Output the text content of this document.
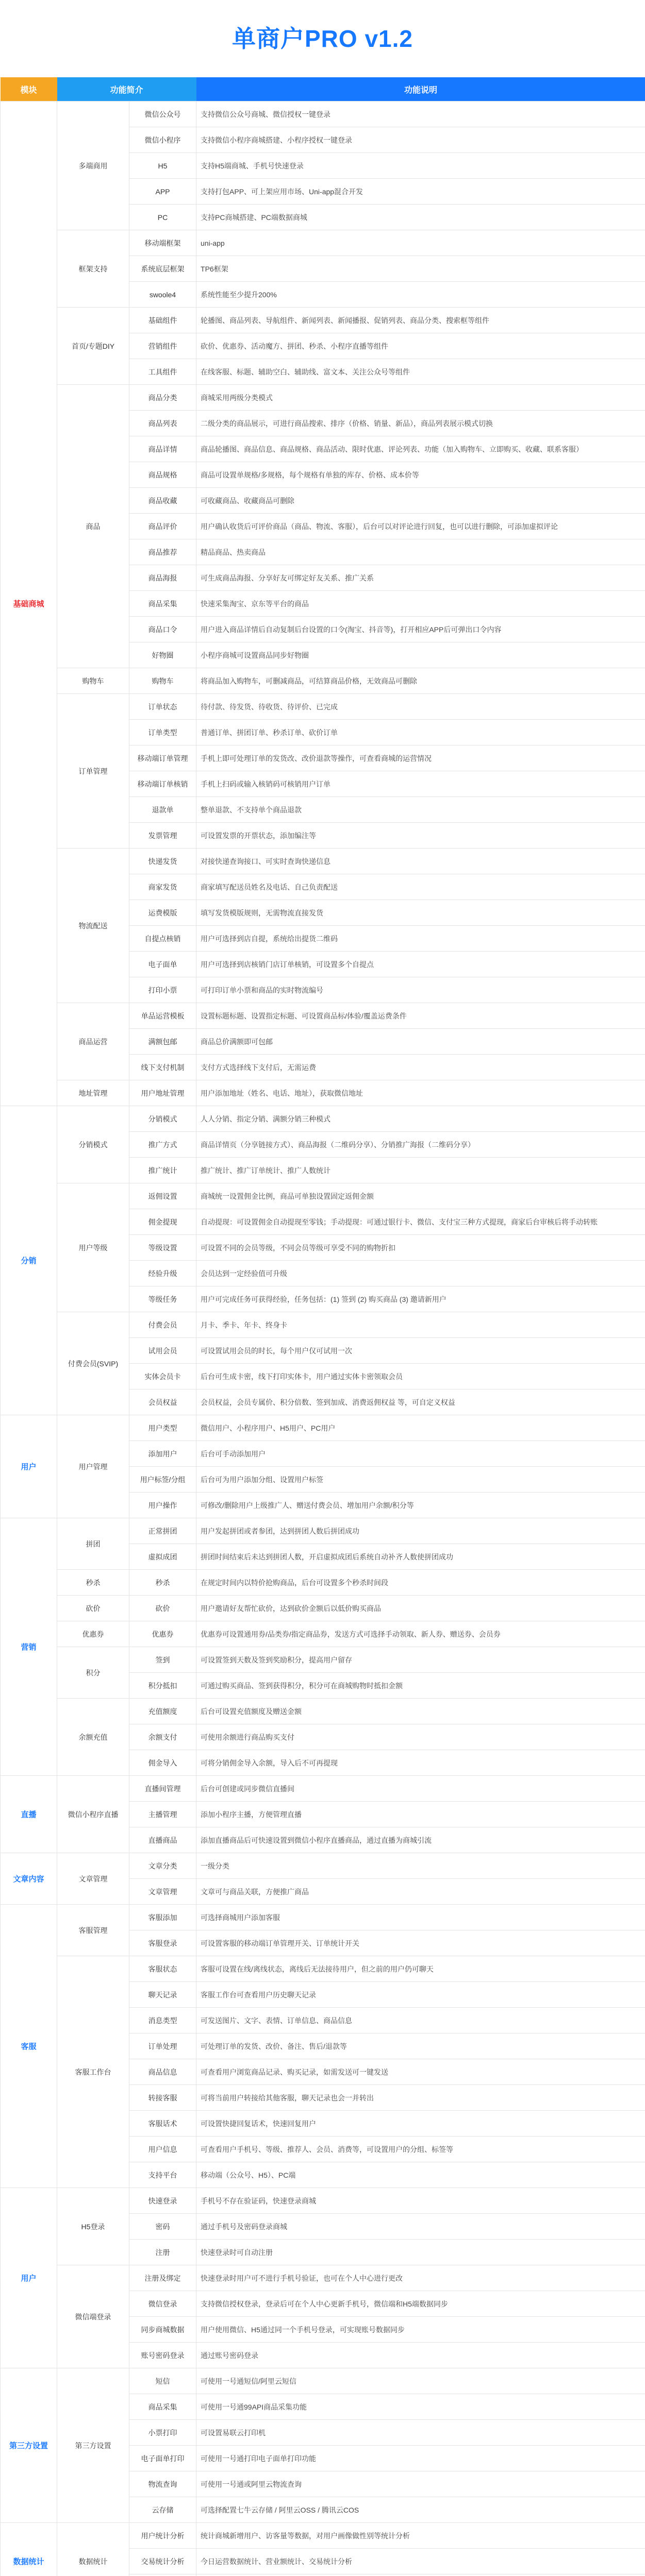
单商户PRO v1.2
模块	功能简介		功能说明
基础商城	多端商用	微信公众号	支持微信公众号商城、微信授权一键登录
		微信小程序	支持微信小程序商城搭建、小程序授权一键登录
		H5	支持H5端商城、手机号快速登录
		APP	支持打包APP、可上架应用市场、Uni-app混合开发
		PC	支持PC商城搭建、PC端数据商城
	框架支持	移动端框架	uni-app
		系统底层框架	TP6框架
		swoole4	系统性能至少提升200%
	首页/专题DIY	基础组件	轮播图、商品列表、导航组件、新闻列表、新闻播报、促销列表、商品分类、搜索框等组件
		营销组件	砍价、优惠券、活动魔方、拼团、秒杀、小程序直播等组件
		工具组件	在线客服、标题、辅助空白、辅助线、富文本、关注公众号等组件
	商品	商品分类	商城采用两级分类模式
		商品列表	二级分类的商品展示，可进行商品搜索、排序（价格、销量、新品），商品列表展示模式切换
		商品详情	商品轮播图、商品信息、商品规格、商品活动、限时优惠、评论列表、功能（加入购物车、立即购买、收藏、联系客服）
		商品规格	商品可设置单规格/多规格，每个规格有单独的库存、价格、成本价等
		商品收藏	可收藏商品、收藏商品可删除
		商品评价	用户确认收货后可评价商品（商品、物流、客服），后台可以对评论进行回复，也可以进行删除，可添加虚拟评论
		商品推荐	精品商品、热卖商品
		商品海报	可生成商品海报、分享好友可绑定好友关系、推广关系
		商品采集	快速采集淘宝、京东等平台的商品
		商品口令	用户进入商品详情后自动复制后台设置的口令(淘宝、抖音等)，打开相应APP后可弹出口令内容
		好物圈	小程序商城可设置商品同步好物圈
	购物车	购物车	将商品加入购物车，可删减商品，可结算商品价格，无效商品可删除
	订单管理	订单状态	待付款、待发货、待收货、待评价、已完成
		订单类型	普通订单、拼团订单、秒杀订单、砍价订单
		移动端订单管理	手机上即可处理订单的发货改、改价退款等操作，可查看商城的运营情况
		移动端订单核销	手机上扫码或输入核销码可核销用户订单
		退款单	整单退款、不支持单个商品退款
		发票管理	可设置发票的开票状态，添加编注等
	物流配送	快递发货	对接快递查询接口、可实时查询快递信息
		商家发货	商家填写配送员姓名及电话、自己负责配送
		运费模版	填写发货模版规则，无需物流直接发货
		自提点核销	用户可选择到店自提，系统给出提货二维码
		电子面单	用户可选择到店核销门店订单核销，可设置多个自提点
		打印小票	可打印订单小票和商品的实时物流编号
	商品运营	单品运营模板	设置标题标题、设置指定标题、可设置商品标/体验/覆盖运费条件
		满额包邮	商品总价满额即可包邮
		线下支付机制	支付方式选择线下支付后，无需运费
	地址管理	用户地址管理	用户添加地址（姓名、电话、地址），获取微信地址
分销	分销模式	分销模式	人人分销、指定分销、满额分销三种模式
		推广方式	商品详情页（分享链接方式）、商品海报（二维码分享）、分销推广海报（二维码分享）
		推广统计	推广统计、推广订单统计、推广人数统计
	用户等级	返佣设置	商城统一设置佣金比例，商品可单独设置固定返佣金额
		佣金提现	自动提现：可设置佣金自动提现至零钱；手动提现：可通过银行卡、微信、支付宝三种方式提现，商家后台审核后将手动转账
		等级设置	可设置不同的会员等级，不同会员等级可享受不同的购物折扣
		经验升级	会员达到一定经验值可升级
		等级任务	用户可完成任务可获得经验，任务包括：(1) 签到 (2) 购买商品 (3) 邀请新用户
	付费会员(SVIP)	付费会员	月卡、季卡、年卡、终身卡
		试用会员	可设置试用会员的时长，每个用户仅可试用一次
		实体会员卡	后台可生成卡密，线下打印实体卡，用户通过实体卡密领取会员
		会员权益	会员权益，会员专属价、积分倍数、签到加成、消费返佣权益 等，可自定义权益
用户	用户管理	用户类型	微信用户、小程序用户、H5用户、PC用户
		添加用户	后台可手动添加用户
		用户标签/分组	后台可为用户添加分组、设置用户标签
		用户操作	可修改/删除用户上级推广人、赠送付费会员、增加用户余额/积分等
营销	拼团	正常拼团	用户发起拼团或者参团，达到拼团人数后拼团成功
		虚拟成团	拼团时间结束后未达到拼团人数，开启虚拟成团后系统自动补齐人数使拼团成功
	秒杀	秒杀	在规定时间内以特价抢购商品，后台可设置多个秒杀时间段
	砍价	砍价	用户邀请好友帮忙砍价，达到砍价金额后以低价购买商品
	优惠券	优惠券	优惠券可设置通用券/品类券/指定商品券，发送方式可选择手动领取、新人券、赠送券、会员券
	积分	签到	可设置签到天数及签到奖励积分，提高用户留存
		积分抵扣	可通过购买商品、签到获得积分，积分可在商城购物时抵扣金额
	余额充值	充值额度	后台可设置充值额度及赠送金额
		余额支付	可使用余额进行商品购买支付
		佣金导入	可将分销佣金导入余额，导入后不可再提现
直播	微信小程序直播	直播间管理	后台可创建或同步微信直播间
		主播管理	添加小程序主播，方便管理直播
		直播商品	添加直播商品后可快速设置到微信小程序直播商品，通过直播为商城引流
文章内容	文章管理	文章分类	一级分类
		文章管理	文章可与商品关联，方便推广商品
客服	客服管理	客服添加	可选择商城用户添加客服
		客服登录	可设置客服的移动端订单管理开关、订单统计开关
	客服工作台	客服状态	客服可设置在线/离线状态，离线后无法接待用户，但之前的用户仍可聊天
		聊天记录	客服工作台可查看用户历史聊天记录
		消息类型	可发送图片、文字、表情、订单信息、商品信息
		订单处理	可处理订单的发货、改价、备注、售后/退款等
		商品信息	可查看用户浏览商品记录、购买记录，如需发送可一键发送
		转接客服	可将当前用户转接给其他客服，聊天记录也会一并转出
		客服话术	可设置快捷回复话术，快速回复用户
		用户信息	可查看用户手机号、等级、推荐人、会员、消费等，可设置用户的分组、标签等
		支持平台	移动端（公众号、H5）、PC端
用户	H5登录	快速登录	手机号不存在验证码，快速登录商城
		密码	通过手机号及密码登录商城
		注册	快速登录时可自动注册
	微信端登录	注册及绑定	快速登录时用户可不进行手机号验证，也可在个人中心进行更改
		微信登录	支持微信授权登录，登录后可在个人中心更新手机号，微信端和H5端数据同步
		同步商城数据	用户使用微信、H5通过同一个手机号登录，可实现账号数据同步
		账号密码登录	通过账号密码登录
第三方设置	第三方设置	短信	可使用一号通短信/阿里云短信
		商品采集	可使用一号通99API商品采集功能
		小票打印	可设置易联云打印机
		电子面单打印	可使用一号通打印电子面单打印功能
		物流查询	可使用一号通或阿里云物流查询
		云存储	可选择配置七牛云存储 / 阿里云OSS / 腾讯云COS
数据统计	数据统计	用户统计分析	统计商城新增用户、访客量等数据，对用户画像做性别等统计分析
		交易统计分析	今日运营数据统计、营业额统计、交易统计分析
